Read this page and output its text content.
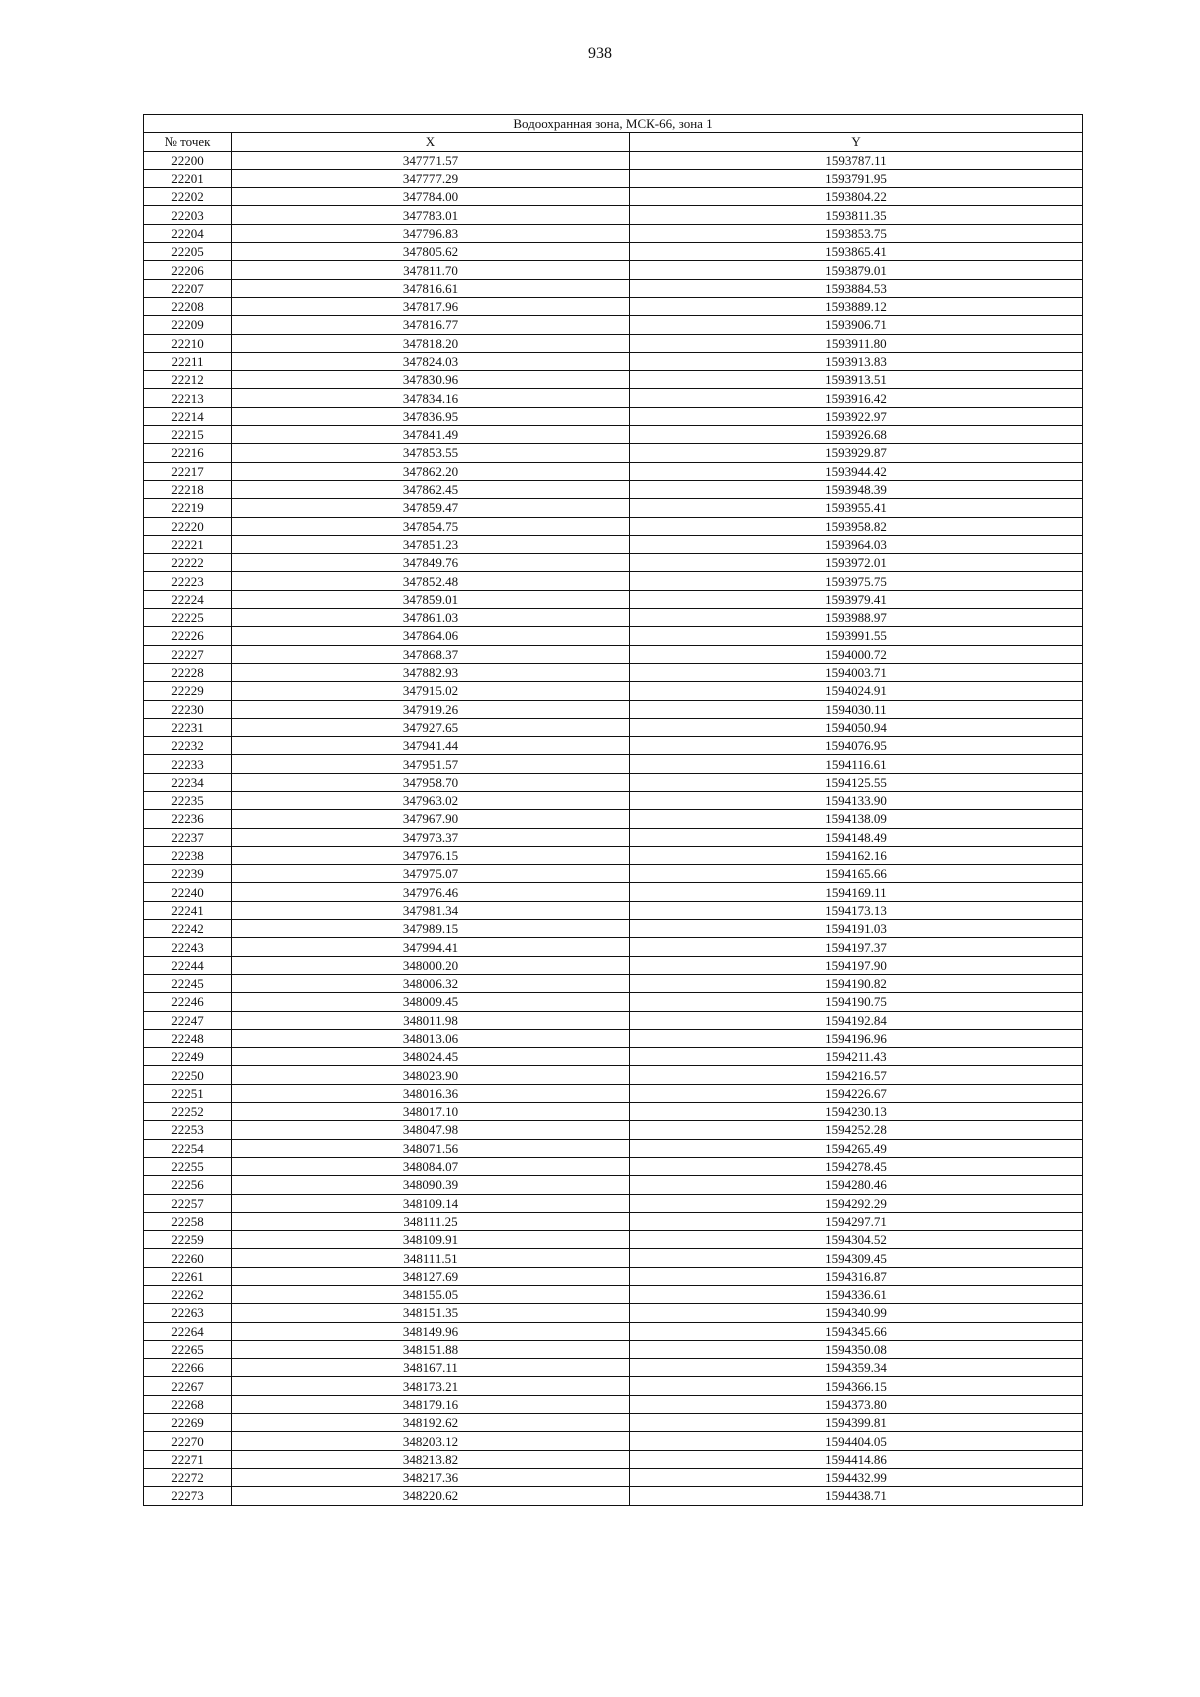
938
Водоохранная зона, МСК-66, зона 1		
№ точек	X	Y
22200	347771.57	1593787.11
22201	347777.29	1593791.95
22202	347784.00	1593804.22
22203	347783.01	1593811.35
22204	347796.83	1593853.75
22205	347805.62	1593865.41
22206	347811.70	1593879.01
22207	347816.61	1593884.53
22208	347817.96	1593889.12
22209	347816.77	1593906.71
22210	347818.20	1593911.80
22211	347824.03	1593913.83
22212	347830.96	1593913.51
22213	347834.16	1593916.42
22214	347836.95	1593922.97
22215	347841.49	1593926.68
22216	347853.55	1593929.87
22217	347862.20	1593944.42
22218	347862.45	1593948.39
22219	347859.47	1593955.41
22220	347854.75	1593958.82
22221	347851.23	1593964.03
22222	347849.76	1593972.01
22223	347852.48	1593975.75
22224	347859.01	1593979.41
22225	347861.03	1593988.97
22226	347864.06	1593991.55
22227	347868.37	1594000.72
22228	347882.93	1594003.71
22229	347915.02	1594024.91
22230	347919.26	1594030.11
22231	347927.65	1594050.94
22232	347941.44	1594076.95
22233	347951.57	1594116.61
22234	347958.70	1594125.55
22235	347963.02	1594133.90
22236	347967.90	1594138.09
22237	347973.37	1594148.49
22238	347976.15	1594162.16
22239	347975.07	1594165.66
22240	347976.46	1594169.11
22241	347981.34	1594173.13
22242	347989.15	1594191.03
22243	347994.41	1594197.37
22244	348000.20	1594197.90
22245	348006.32	1594190.82
22246	348009.45	1594190.75
22247	348011.98	1594192.84
22248	348013.06	1594196.96
22249	348024.45	1594211.43
22250	348023.90	1594216.57
22251	348016.36	1594226.67
22252	348017.10	1594230.13
22253	348047.98	1594252.28
22254	348071.56	1594265.49
22255	348084.07	1594278.45
22256	348090.39	1594280.46
22257	348109.14	1594292.29
22258	348111.25	1594297.71
22259	348109.91	1594304.52
22260	348111.51	1594309.45
22261	348127.69	1594316.87
22262	348155.05	1594336.61
22263	348151.35	1594340.99
22264	348149.96	1594345.66
22265	348151.88	1594350.08
22266	348167.11	1594359.34
22267	348173.21	1594366.15
22268	348179.16	1594373.80
22269	348192.62	1594399.81
22270	348203.12	1594404.05
22271	348213.82	1594414.86
22272	348217.36	1594432.99
22273	348220.62	1594438.71
